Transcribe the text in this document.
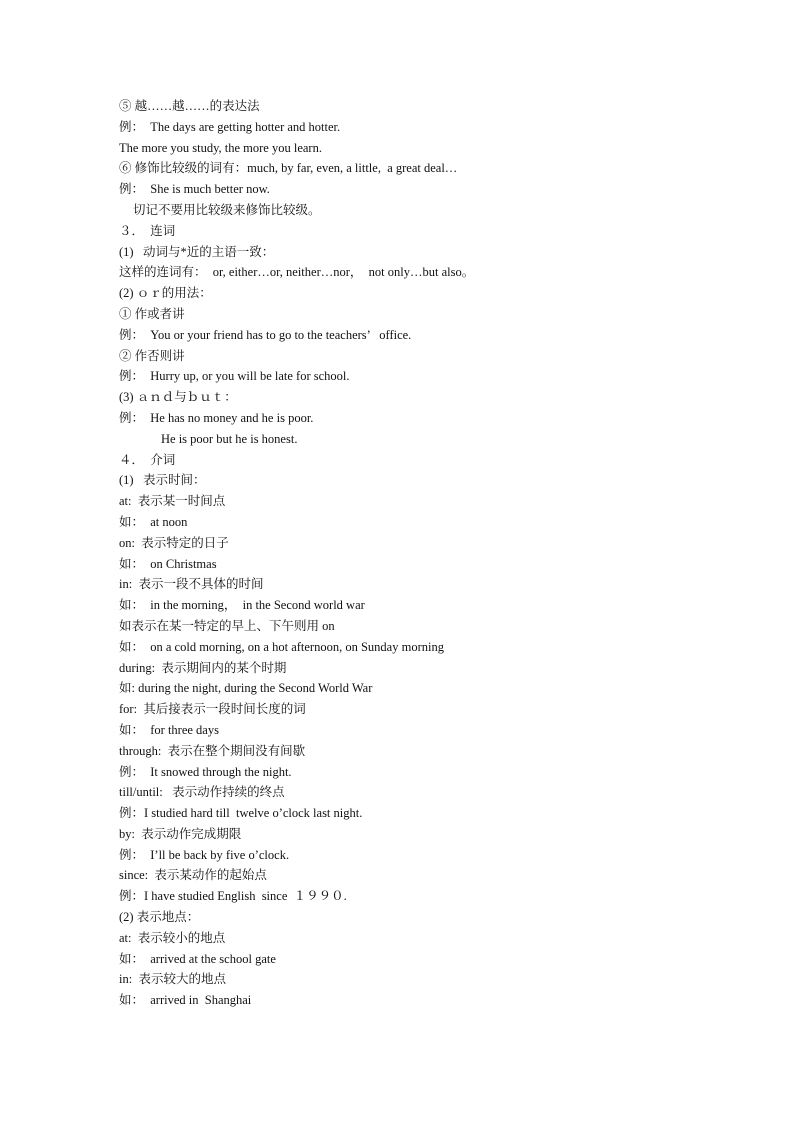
⑤ 越……越……的表达法
例：  The days are getting hotter and hotter.
The more you study, the more you learn.
⑥ 修饰比较级的词有：much, by far, even, a little,  a great deal…
例：  She is much better now.
切记不要用比较级来修饰比较级。
３．  连词
(1)   动词与*近的主语一致：
这样的连词有：  or, either…or, neither…nor，  not only…but also。
(2) ｏｒ的用法：
① 作或者讲
例：  You or your friend has to go to the teachers’   office.
② 作否则讲
例：  Hurry up, or you will be late for school.
(3) ａｎｄ与ｂｕｔ：
例：  He has no money and he is poor.
He is poor but he is honest.
４．  介词
(1)   表示时间：
at:  表示某一时间点
如：  at noon
on:  表示特定的日子
如：  on Christmas
in:  表示一段不具体的时间
如：  in the morning，  in the Second world war
如表示在某一特定的早上、下午则用 on
如：  on a cold morning, on a hot afternoon, on Sunday morning
during:  表示期间内的某个时期
如: during the night, during the Second World War
for:  其后接表示一段时间长度的词
如：  for three days
through:  表示在整个期间没有间歇
例：  It snowed through the night.
till/until:   表示动作持续的终点
例：I studied hard till  twelve o’clock last night.
by:  表示动作完成期限
例：  I’ll be back by five o’clock.
since:  表示某动作的起始点
例：I have studied English  since  １９９０.
(2) 表示地点：
at:  表示较小的地点
如：  arrived at the school gate
in:  表示较大的地点
如：  arrived in  Shanghai
